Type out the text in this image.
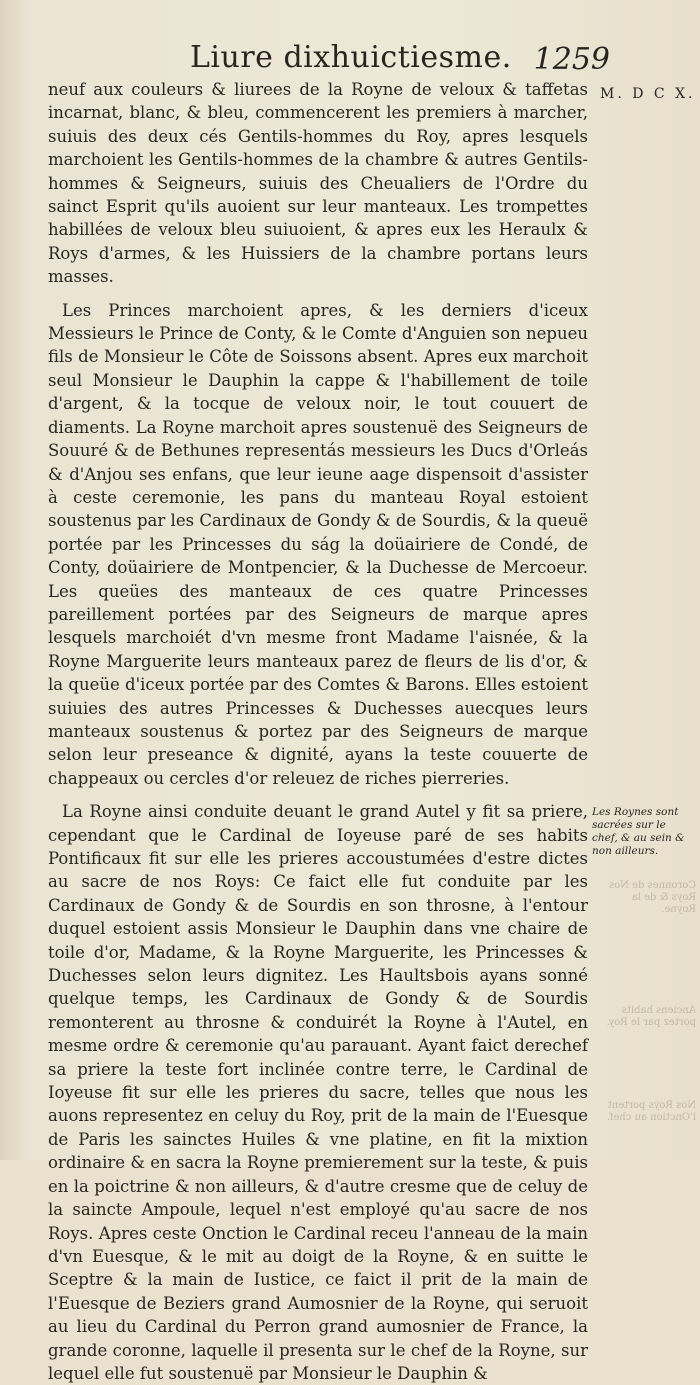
Liure dixhuictiesme. 1259
M. D C X.

neuf aux couleurs & liurees de la Royne de veloux & taffetas incarnat, blanc, & bleu, commencerent les premiers à marcher, suiuis des deux cés Gentils-hommes du Roy, apres lesquels marchoient les Gentils-hommes de la chambre & autres Gentils-hommes & Seigneurs, suiuis des Cheualiers de l'Ordre du sainct Esprit qu'ils auoient sur leur manteaux. Les trompettes habillées de veloux bleu suiuoient, & apres eux les Heraulx & Roys d'armes, & les Huissiers de la chambre portans leurs masses.

Les Princes marchoient apres, & les derniers d'iceux Messieurs le Prince de Conty, & le Comte d'Anguien son nepueu fils de Monsieur le Côte de Soissons absent. Apres eux marchoit seul Monsieur le Dauphin la cappe & l'habillement de toile d'argent, & la tocque de veloux noir, le tout couuert de diaments. La Royne marchoit apres soustenuë des Seigneurs de Souuré & de Bethunes representás messieurs les Ducs d'Orleás & d'Anjou ses enfans, que leur ieune aage dispensoit d'assister à ceste ceremonie, les pans du manteau Royal estoient soustenus par les Cardinaux de Gondy & de Sourdis, & la queuë portée par les Princesses du ság la doüairiere de Condé, de Conty, doüairiere de Montpencier, & la Duchesse de Mercoeur. Les queües des manteaux de ces quatre Princesses pareillement portées par des Seigneurs de marque apres lesquels marchoiét d'vn mesme front Madame l'aisnée, & la Royne Marguerite leurs manteaux parez de fleurs de lis d'or, & la queüe d'iceux portée par des Comtes & Barons. Elles estoient suiuies des autres Princesses & Duchesses auecques leurs manteaux soustenus & portez par des Seigneurs de marque selon leur preseance & dignité, ayans la teste couuerte de chappeaux ou cercles d'or releuez de riches pierreries.

La Royne ainsi conduite deuant le grand Autel y fit sa priere, cependant que le Cardinal de Ioyeuse paré de ses habits Pontificaux fit sur elle les prieres accoustumées d'estre dictes au sacre de nos Roys: Ce faict elle fut conduite par les Cardinaux de Gondy & de Sourdis en son throsne, à l'entour duquel estoient assis Monsieur le Dauphin dans vne chaire de toile d'or, Madame, & la Royne Marguerite, les Princesses & Duchesses selon leurs dignitez. Les Haultsbois ayans sonné quelque temps, les Cardinaux de Gondy & de Sourdis remonterent au throsne & conduirét la Royne à l'Autel, en mesme ordre & ceremonie qu'au parauant. Ayant faict derechef sa priere la teste fort inclinée contre terre, le Cardinal de Ioyeuse fit sur elle les prieres du sacre, telles que nous les auons representez en celuy du Roy, prit de la main de l'Euesque de Paris les sainctes Huiles & vne platine, en fit la mixtion ordinaire & en sacra la Royne premierement sur la teste, & puis en la poictrine & non ailleurs, & d'autre cresme que de celuy de la saincte Ampoule, lequel n'est employé qu'au sacre de nos Roys. Apres ceste Onction le Cardinal receu l'anneau de la main d'vn Euesque, & le mit au doigt de la Royne, & en suitte le Sceptre & la main de Iustice, ce faict il prit de la main de l'Euesque de Beziers grand Aumosnier de la Royne, qui seruoit au lieu du Cardinal du Perron grand aumosnier de France, la grande coronne, laquelle il presenta sur le chef de la Royne, sur lequel elle fut soustenuë par Monsieur le Dauphin &

Les Roynes sont sacrées sur le chef, & au sein & non ailleurs.
Coronnes de Nos Roys & de la Royne.
Anciens habits portez par le Roy.
Nos Roys portent l'Onction au chef.
